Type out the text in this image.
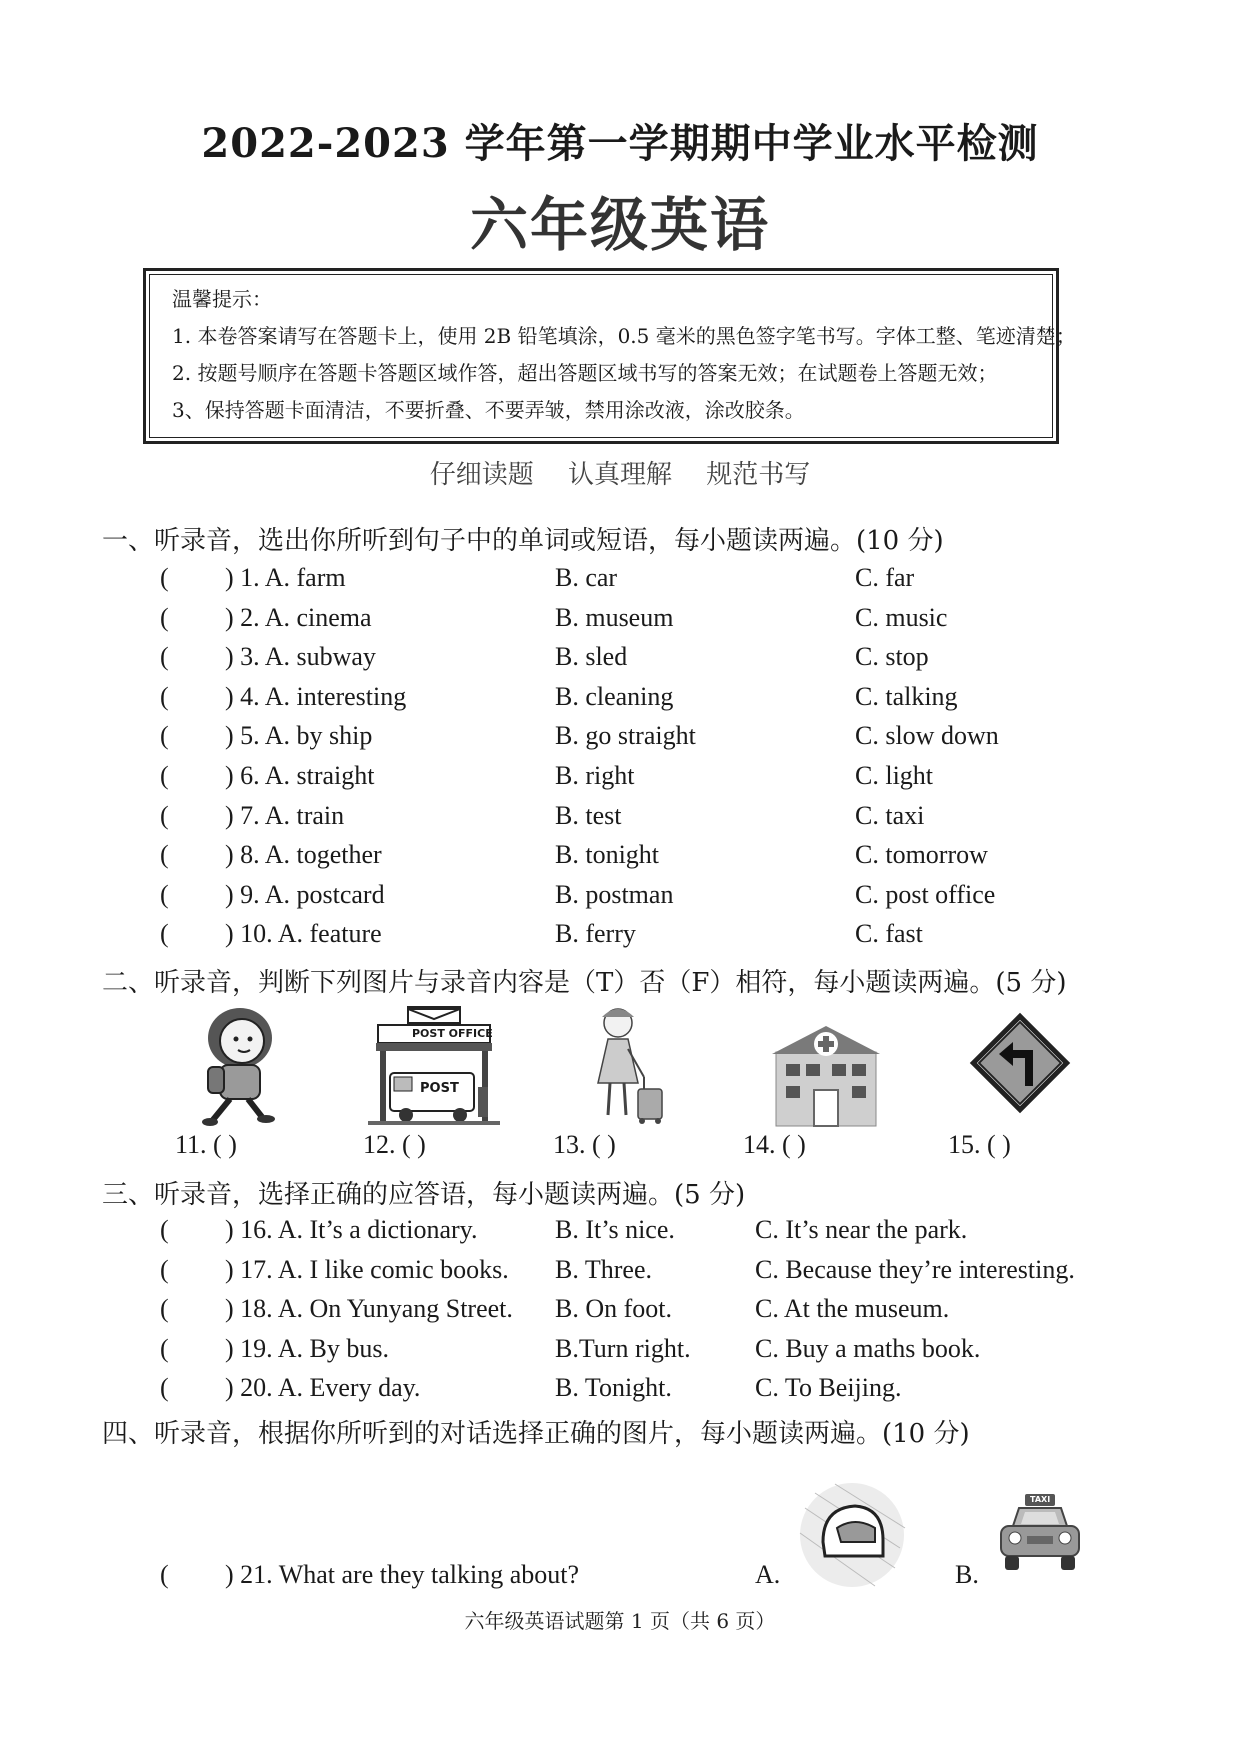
2022-2023 学年第一学期期中学业水平检测
六年级英语
温馨提示：
1. 本卷答案请写在答题卡上，使用 2B 铅笔填涂，0.5 毫米的黑色签字笔书写。字体工整、笔迹清楚；
2. 按题号顺序在答题卡答题区域作答，超出答题区域书写的答案无效；在试题卷上答题无效；
3、保持答题卡面清洁，不要折叠、不要弄皱，禁用涂改液，涂改胶条。
仔细读题 认真理解 规范书写
一、听录音，选出你所听到句子中的单词或短语，每小题读两遍。(10 分)
( ) 1. A. farm	B. car	C. far
( ) 2. A. cinema	B. museum	C. music
( ) 3. A. subway	B. sled	C. stop
( ) 4. A. interesting	B. cleaning	C. talking
( ) 5. A. by ship	B. go straight	C. slow down
( ) 6. A. straight	B. right	C. light
( ) 7. A. train	B. test	C. taxi
( ) 8. A. together	B. tonight	C. tomorrow
( ) 9. A. postcard	B. postman	C. post office
( ) 10. A. feature	B. ferry	C. fast
二、听录音，判断下列图片与录音内容是（T）否（F）相符，每小题读两遍。(5 分)
POST OFFICE
POST
11. ( )	12. ( )	13. ( )	14. ( )	15. ( )
三、听录音，选择正确的应答语，每小题读两遍。(5 分)
( ) 16. A. It’s a dictionary.	B. It’s nice.	C. It’s near the park.
( ) 17. A. I like comic books. B. Three.	C. Because they’re interesting.
( ) 18. A. On Yunyang Street. B. On foot.	C. At the museum.
( ) 19. A. By bus.	B.Turn right. C. Buy a maths book.
( ) 20. A. Every day.	B. Tonight.	C. To Beijing.
四、听录音，根据你所听到的对话选择正确的图片，每小题读两遍。(10 分)
( ) 21. What are they talking about?	A.	B.
TAXI
六年级英语试题第 1 页（共 6 页）
